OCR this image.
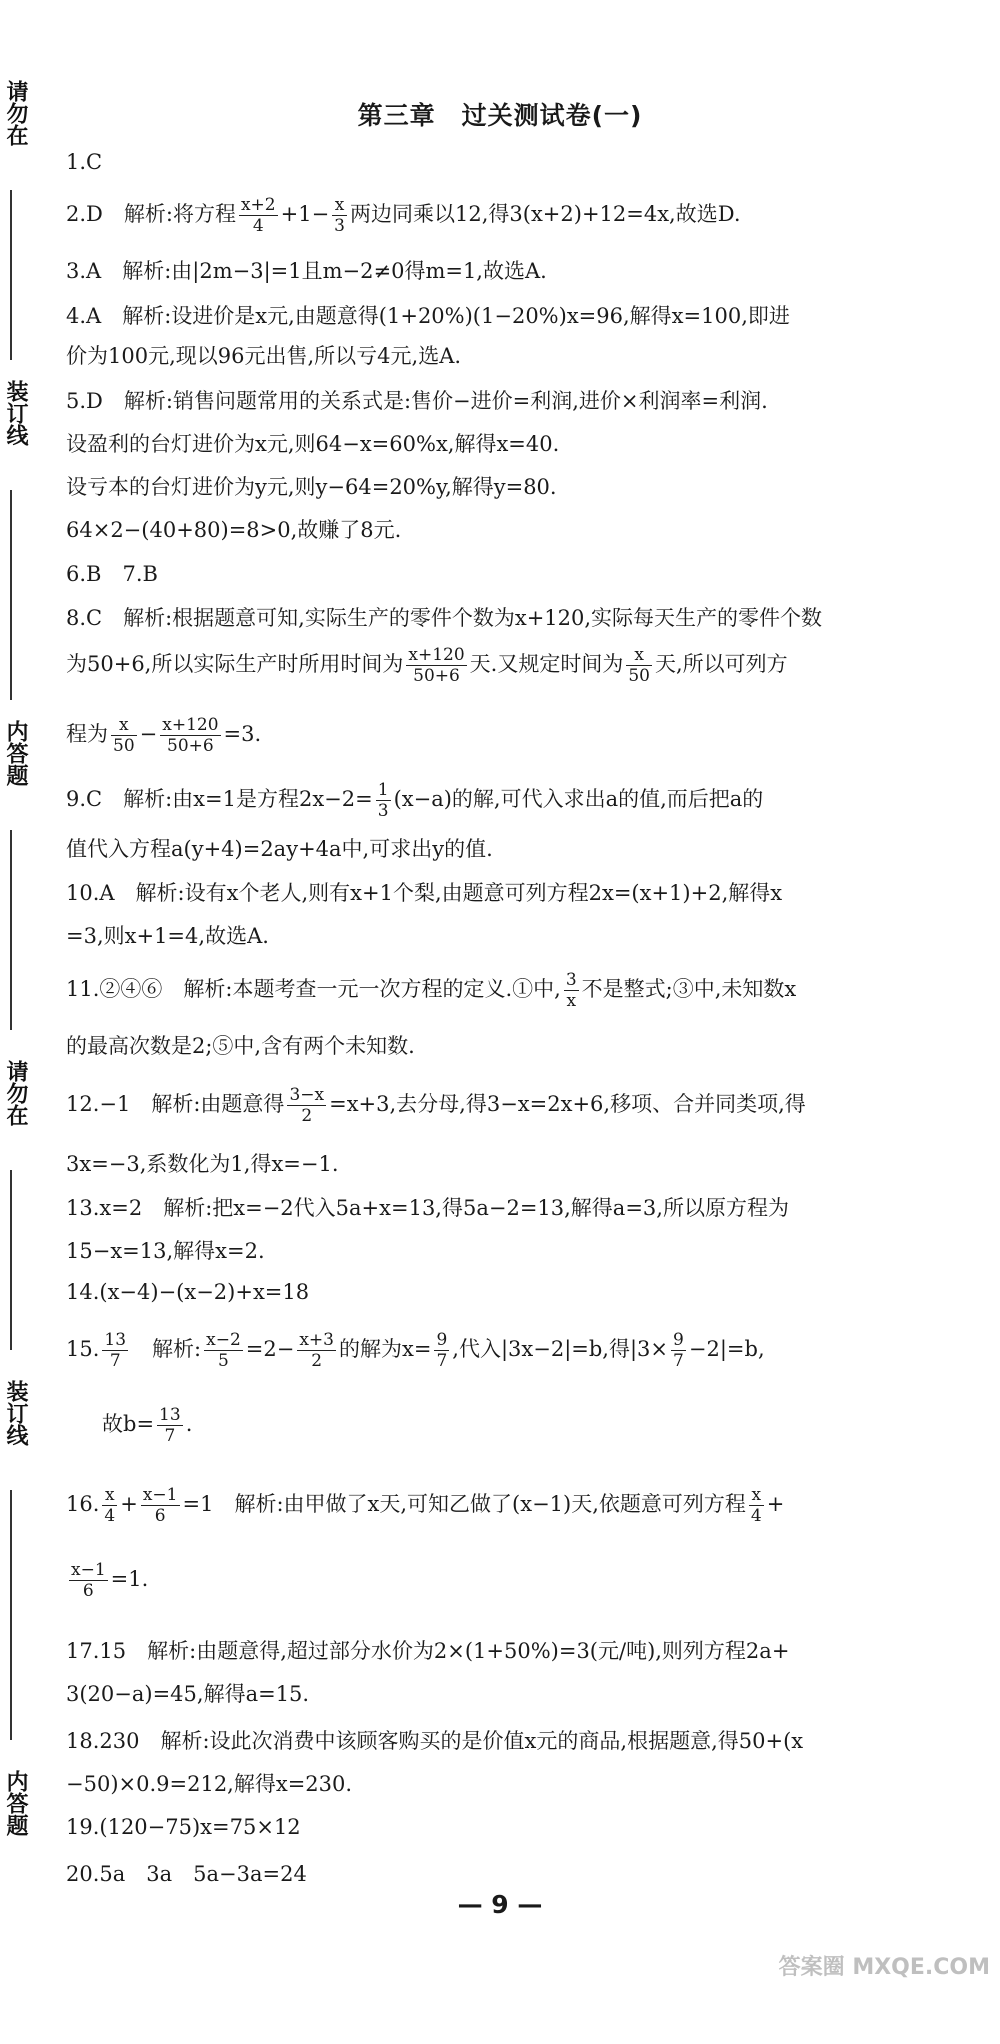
请勿在
装订线
内答题
请勿在
装订线
内答题
第三章　过关测试卷(一)
1.C
2.D　解析:将方程 $\frac{x+2}{4} +1- \frac{x}{3}$ 两边同乘以12,得3(x+2)+12=4x,故选D.
3.A　解析:由|2m−3|=1且m−2≠0得m=1,故选A.
4.A　解析:设进价是x元,由题意得(1+20%)(1−20%)x=96,解得x=100,即进
价为100元,现以96元出售,所以亏4元,选A.
5.D　解析:销售问题常用的关系式是:售价−进价=利润,进价×利润率=利润.
设盈利的台灯进价为x元,则64−x=60%x,解得x=40.
设亏本的台灯进价为y元,则y−64=20%y,解得y=80.
64×2−(40+80)=8>0,故赚了8元.
6.B　7.B
8.C　解析:根据题意可知,实际生产的零件个数为x+120,实际每天生产的零件个数
为50+6,所以实际生产时所用时间为 $\frac{x+120}{50+6}$ 天.又规定时间为 $\frac{x}{50}$ 天,所以可列方
程为 $\frac{x}{50} - \frac{x+120}{50+6} =3$.
9.C　解析:由x=1是方程$2x-2= \frac{1}{3} (x-a)$的解,可代入求出a的值,而后把a的
值代入方程a(y+4)=2ay+4a中,可求出y的值.
10.A　解析:设有x个老人,则有x+1个梨,由题意可列方程2x=(x+1)+2,解得x
=3,则x+1=4,故选A.
11.②④⑥　解析:本题考查一元一次方程的定义.①中, $\frac{3}{x}$ 不是整式;③中,未知数x
的最高次数是2;⑤中,含有两个未知数.
12.−1　解析:由题意得 $\frac{3-x}{2} =x+3$,去分母,得3−x=2x+6,移项、合并同类项,得
3x=−3,系数化为1,得x=−1.
13.x=2　解析:把x=−2代入5a+x=13,得5a−2=13,解得a=3,所以原方程为
15−x=13,解得x=2.
14.(x−4)−(x−2)+x=18
15. $\frac{13}{7}$ 　解析: $\frac{x-2}{5} =2- \frac{x+3}{2}$ 的解为$x= \frac{9}{7}$ ,代入|3x−2|=b,得$|3\times \frac{9}{7} -2|=b$,
故$b= \frac{13}{7}$ .
16. $\frac{x}{4} + \frac{x-1}{6} =1$　解析:由甲做了x天,可知乙做了(x−1)天,依题意可列方程 $\frac{x}{4}$ +
$\frac{x-1}{6} =1$.
17.15　解析:由题意得,超过部分水价为2×(1+50%)=3(元/吨),则列方程2a+
3(20−a)=45,解得a=15.
18.230　解析:设此次消费中该顾客购买的是价值x元的商品,根据题意,得50+(x
−50)×0.9=212,解得x=230.
19.(120−75)x=75×12
20.5a　3a　5a−3a=24
— 9 —
答案圈 MXQE.COM
